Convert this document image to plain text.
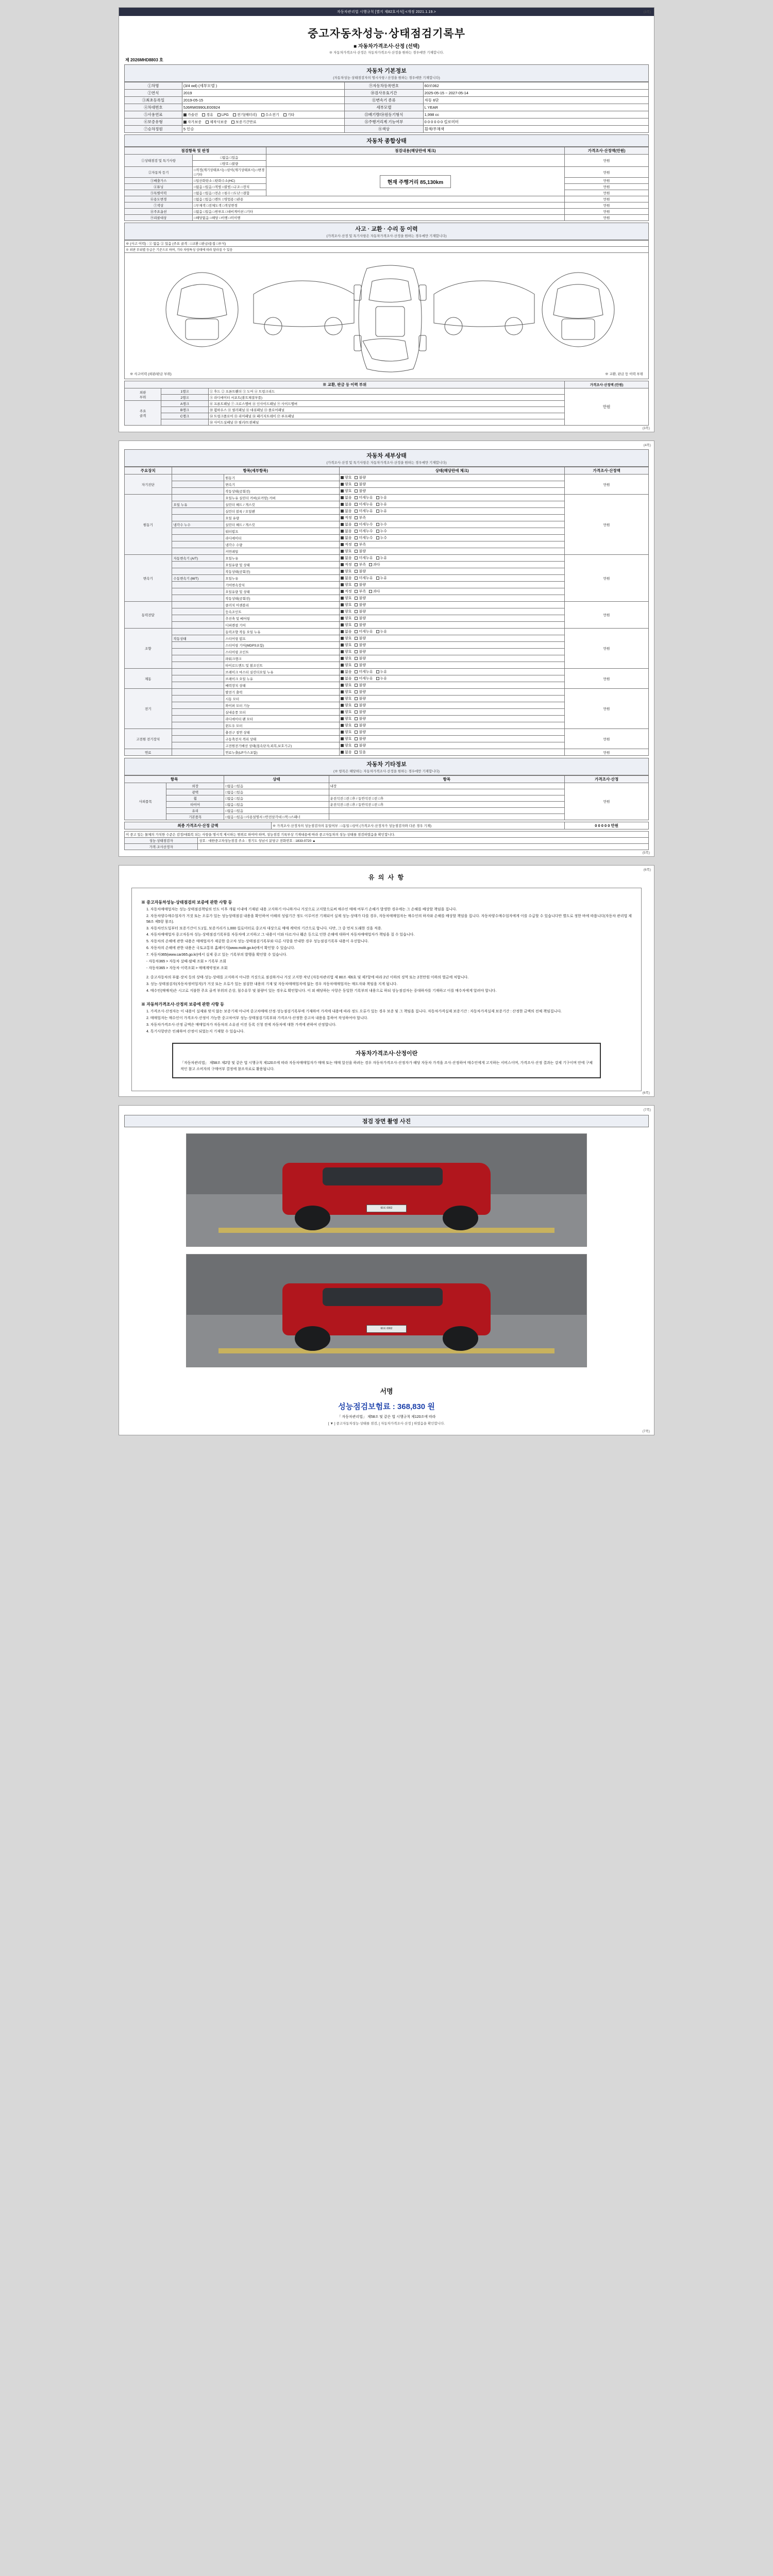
자동차관리법 시행규칙 [별지 제82호서식] <개정 2021.1.19.>	(3쪽)
중고자동차성능·상태점검기록부
■ 자동차가격조사·산정 (선택)
※ 자동차가격조사·산정은 자동차가격조사·산정을 원하는 경우에만 기재합니다.
제 2026MHD8803 호
자동차 기본정보
(자동차성능·상태점검자의 명시사항 / 산정을 원하는 경우에만 기재합니다)
①차명	(3/4 wd) (세부모델 )	⑨자동차등록번호	60로062
②연식	2019	⑩검사유효기간	2025-05-15 ~ 2027-05-14
③최초등록일	2019-05-15	⑪변속기 종류	자동 6단
④차대번호	5J6RW0990LE00924	세부모델	L YEAR
⑤사용연료	가솔린 경유 LPG 전기(배터리) 수소전기 기타	⑬배기량/⑭원동기형식	1,998 cc
⑥보증유형	자가보증 제작사보증 보증기간만료	⑮주행거리계 기능여부	0 0 0 0 0 0 킬로미터
⑦승차정원	5 인승	⑧색상	흰색/무채색
자동차 종합상태
점검항목 및 판정		점검내용(해당란에 체크)	가격조사·산정액(만원)
①상태점검 및 특기사항	□없음 □있음		만원
	□양호 □불량		
②자동차 등기	□적정(계기상태표시) □상이(계기상태표시) □변경 □기타	현재 주행거리 85,130km	만원
③배출가스	□일산화탄소 □탄화수소(HC)		만원
④튜닝	□없음 □있음 □적법 □불법 □구조 □장치		만원
⑤특별이력	□없음 □있음 □전손 □침수 □도난 □결함		만원
⑥용도변경	□없음 □있음 □렌트 □영업용 □관용		만원
⑦색상	□무채색 □전체도색 □색상변경		만원
⑧주요옵션	□없음 □있음 □썬루프 □내비게이션 □기타		만원
⑨리콜대상	□해당없음 □해당 □이행 □미이행		만원
사고 · 교환 · 수리 등 이력
(가격조사·산정 및 특기사항은 자동차가격조사·산정을 원하는 경우에만 기재합니다)
※ (사고 이력) : ① 없음 ② 있음 (주요 골격 : □교환 □판금/용접 □부식)
※ 외판 부위별 등급은 기준으로 하며, 기타 차량특성 상태에 따라 달라질 수 있음
※ 사고이력 (외판/판금 부위)	※ 교환, 판금 등 이력 부위
※ 교환, 판금 등 이력 부위			가격조사·산정액 (만원)
외판
부위	1랭크	① 후드 ② 프론트휀더 ③ 도어 ④ 트렁크리드	만원
	2랭크	⑤ 라디에이터 서포트(볼트체결부품)	
주요
골격	A랭크	⑥ 프론트패널 ⑦ 크로스멤버 ⑧ 인사이드패널 ⑨ 사이드멤버	
	B랭크	⑩ 휠하우스 ⑪ 필러패널 ⑫ 대쉬패널 ⑬ 플로어패널	
	C랭크	⑭ 트렁크플로어 ⑮ 리어패널 ⑯ 패키지트레이 ⑰ 루프패널	
		⑱ 사이드실패널 ⑲ 필러/트윈패널	
(3쪽)
(4쪽)
자동차 세부상태
(가격조사·산정 및 특기사항은 자동차가격조사·산정을 원하는 경우에만 기재합니다)
주요장치	항목(세부항목)		상태(해당란에 체크)	가격조사·산정액
자기진단		원동기	양호 불량	만원
		변속기	양호 불량	
		작동상태(공회전)	양호 불량	
원동기		오일누유 실린더 커버(로커암) 커버	없음 미세누유 누유	만원
	오일 누유	실린더 헤드 / 개스킷	없음 미세누유 누유	
		실린더 블록 / 오일팬	없음 미세누유 누유	
		오일 유량	적정 부족	
	냉각수 누수	실린더 헤드 / 개스킷	없음 미세누수 누수	
		워터펌프	없음 미세누수 누수	
		라디에이터	없음 미세누수 누수	
		냉각수 수량	적정 부족	
		커먼레일	양호 불량	
변속기	자동변속기 (A/T)	오일누유	없음 미세누유 누유	만원
		오일유량 및 상태	적정 부족 과다	
		작동상태(공회전)	양호 불량	
	수동변속기 (M/T)	오일누유	없음 미세누유 누유	
		기어변속장치	양호 불량	
		오일유량 및 상태	적정 부족 과다	
		작동상태(공회전)	양호 불량	
동력전달		클러치 어셈블리	양호 불량	만원
		등속조인트	양호 불량	
		추진축 및 베어링	양호 불량	
		디퍼렌셜 기어	양호 불량	
조향		동력조향 작동 오일 누유	없음 미세누유 누유	만원
	작동상태	스티어링 펌프	양호 불량	
		스티어링 기어(MDPS포함)	양호 불량	
		스티어링 조인트	양호 불량	
		파워크랭크	양호 불량	
		타이로드엔드 및 볼조인트	양호 불량	
제동		브레이크 마스터 실린더오일 누유	없음 미세누유 누유	만원
		브레이크 오일 누유	없음 미세누유 누유	
		배력장치 상태	양호 불량	
전기		발전기 출력	양호 불량	만원
		시동 모터	양호 불량	
		와이퍼 모터 기능	양호 불량	
		실내송풍 모터	양호 불량	
		라디에이터 팬 모터	양호 불량	
		윈도우 모터	양호 불량	
고전원 전기장치		충전구 절연 상태	양호 불량	만원
		구동축전지 격리 상태	양호 불량	
		고전원전기배선 상태(접속단자,피복,보호기구)	양호 불량	
연료		연료누출(LP가스포함)	없음 있음	만원
자동차 기타정보
(※ 항목은 해당하는 자동차가격조사·산정을 원하는 경우에만 기재합니다)
항목		상태	항목	가격조사·산정
사외품목	외장	□없음 □있음	내장	만원
	광택	□없음 □있음		
	휠	□없음 □있음	운전석전 □전 □후 / 동반석전 □전 □후	
	타이어	□없음 □있음	운전석전 □전 □후 / 동반석전 □전 □후	
	유리	□없음 □있음		
	기본품목	□없음 □있음 □사용설명서 □안전삼각대 □잭 □스패너		
최종 가격조사·산정 금액	※ 가격조사·산정자의 성능점검자의 동일여부 : □동일 □상이 (가격조사·산정자가 성능점검자와 다른 경우 기재)	0 0 0 0 0 만원
이 중고 있는 물체의 가치한 수준은 감정/대회복 되는 사항을 명시적 제시하는 범위로 하여야 하며, 성능점검 기록부상 기재내용에 따라 중고자동차의 성능·상태를 점검하였음을 확인합니다.	
성능·상태점검자	상호 : 대한중고차성능점검 주소 : 경기도 성남시 분당구 전화번호 : 1833-0720 ▲
가격·조사산정자	
(5쪽)
(6쪽)
유 의 사 항
※ 중고자동차성능·상태점검의 보증에 관한 사항 등
1. 자동차매매업자는 성능·상태점검책임의 인도 이후 개월 이내에 기재된 내용 고지하기 아니하거나 거짓으로 고지할으로써 매수인 매매 여부기 손해가 발생한 경우에는 그 손해를 배상할 책임을 집니다.
2. 자동차양수매수업자가 거짓 또는 오류가 있는 성능상태점검 내용을 확인하여 이해의 성립기간 정도 이루어진 기재되어 실제 성능·상태가 다를 경우, 자동차매매업자는 매수인의 하자와 손해를 배상할 책임을 집니다. 자동차양수매수업자에게 이를 수급할 수 있습니다만 별도로 정한 바에 따릅니다(자동차 관리법 제58조 제5항 참조).
3. 자동차인도일부터 보증기간이 도1일, 보증거리가 1,000 킬로미터로 중고차 대상으로 매매 계약의 기간으로 합니다. 다만, 그 중 먼저 도래한 것을 적용.
4. 자동차매매업자 중고자동차 성능·상태점검기록부를 자동차에 고지하고 그 내용이 이와 다르거나 훼손 등으로 인한 손해에 대하여 자동차매매업자가 책임을 질 수 있습니다.
5. 자동차의 손해에 관한 내용은 매매업자가 제공한 중고차 성능·상태점검기록부와 다른 사항을 안내한 경우 성능점검기록부 내용이 우선합니다.
6. 자동차의 손해에 관한 내용은 국토교통부 홈페이지(www.molit.go.kr)에서 확인할 수 있습니다.
7. 자동차365(www.car365.go.kr)에서 실제 중고 있는 기록부의 발행을 확인할 수 있습니다.
- 자동차365 > 자동차 살때·팔때 조회 > 기록부 조회
- 자동차365 > 자동차 이력조회 > 매매계약정보 조회
2. 중고자동차의 부품·장치 등의 상태·성능·상태를 고지하지 아니한 거짓으로 점검하거나 거짓 고지한 작년 (자동차관리법 제 80조 제6호 및 제7항에 따라 2년 이하의 징역 또는 2천만원 이하의 벌금에 처합니다.
3. 성능·상태점검자(자동차정비업자)가 거짓 또는 오류가 있는 점검한 내용의 기재 및 자동차매매업자에 없는 경우 자동차매매업자는 매도자와 책임을 지게 됩니다.
4. 매수인(매매자)은 시고로 지불한 주요 골격 부위의 손상, 침수유무 및 불량이 있는 경우로 확인합니다. 이 외 해당하는 사항은 동일한 기록부의 내용으로 하되 성능점검자는 중대하자를 기재하고 이를 매수자에게 알려야 합니다.
※ 자동차가격조사·산정의 보증에 관한 사항 등
1. 가격조사·산정자는 이 내용이 실제와 맞지 않는 보증기재 아니며 중고차매매 산정·성능점검기록부에 기재하여 가격에 내용에 따라 정도 오류가 있는 경우 보증 및 그 책임을 집니다. 자동차가격실제 보증기간 : 자동차가격실제 보증기간 : 산정한 금액의 전체 책임집니다.
2. 매매업자는 매수인이 가격조사·산정이 가능한 중고차여부 성능·상태점검기록부와 가격조사·산정한 중고차 내용을 통하여 작성하여야 합니다.
3. 자동차가격조사·산정 금액은 매매업자가 자동차의 소유권 이전 등록 신청 전에 자동차에 대한 가격에 관하여 산정합니다.
4. 특기사항란은 인쇄하여 산정이 되었는지 기재할 수 있습니다.
자동차가격조사·산정이란
「자동차관리법」 제58조 제2항 및 같은 법 시행규칙 제120조에 따라 자동차매매업자가 매매 또는 매매 알선을 하려는 경우 자동차가격조사·산정자가 해당 자동차 가격을 조사·산정하여 매수인에게 고지하는 서비스이며, 가격조사·산정 결과는 강제 기구이며 안에 구체적인 참고 소비자의 구매여부 결정에 참조자료로 활용됩니다.
(6쪽)
(7쪽)
점검 장면 촬영 사진
60로 0062
60로 0062
서명
성능점검보험료 : 368,830 원
「 자동차관리법」 제58조 및 같은 법 시행규칙 제120조에 따라
[ ▼ ] 중고자동차성능·상태를 점검, [ 자동차가격조사·산정 ] 하였음을 확인합니다.
(7쪽)
